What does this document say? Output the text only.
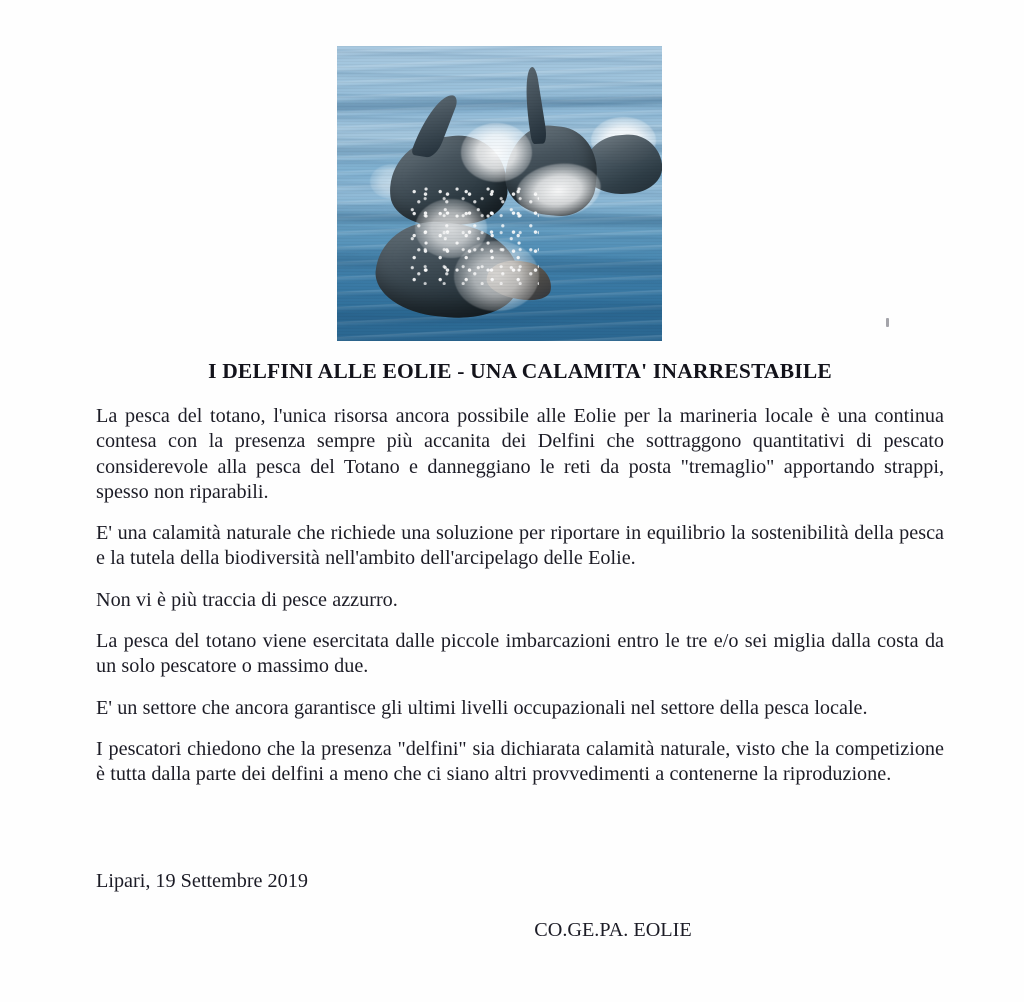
I DELFINI ALLE EOLIE - UNA CALAMITA' INARRESTABILE

La pesca del totano, l'unica risorsa ancora possibile alle Eolie per la marineria locale è una continua contesa con la presenza sempre più accanita dei Delfini che sottraggono quantitativi di pescato considerevole alla pesca del Totano e danneggiano le reti da posta "tremaglio" apportando strappi, spesso non riparabili.

E' una calamità naturale che richiede una soluzione per riportare in equilibrio la sostenibilità della pesca e la tutela della biodiversità nell'ambito dell'arcipelago delle Eolie.

Non vi è più traccia di pesce azzurro.

La pesca del totano viene esercitata dalle piccole imbarcazioni entro le tre e/o sei miglia dalla costa da un solo pescatore o massimo due.

E' un settore che ancora garantisce gli ultimi livelli occupazionali nel settore della pesca locale.

I pescatori chiedono che la presenza "delfini" sia dichiarata calamità naturale, visto che la competizione è tutta dalla parte dei delfini a meno che ci siano altri provvedimenti a contenerne la riproduzione.

Lipari, 19 Settembre 2019
CO.GE.PA. EOLIE
